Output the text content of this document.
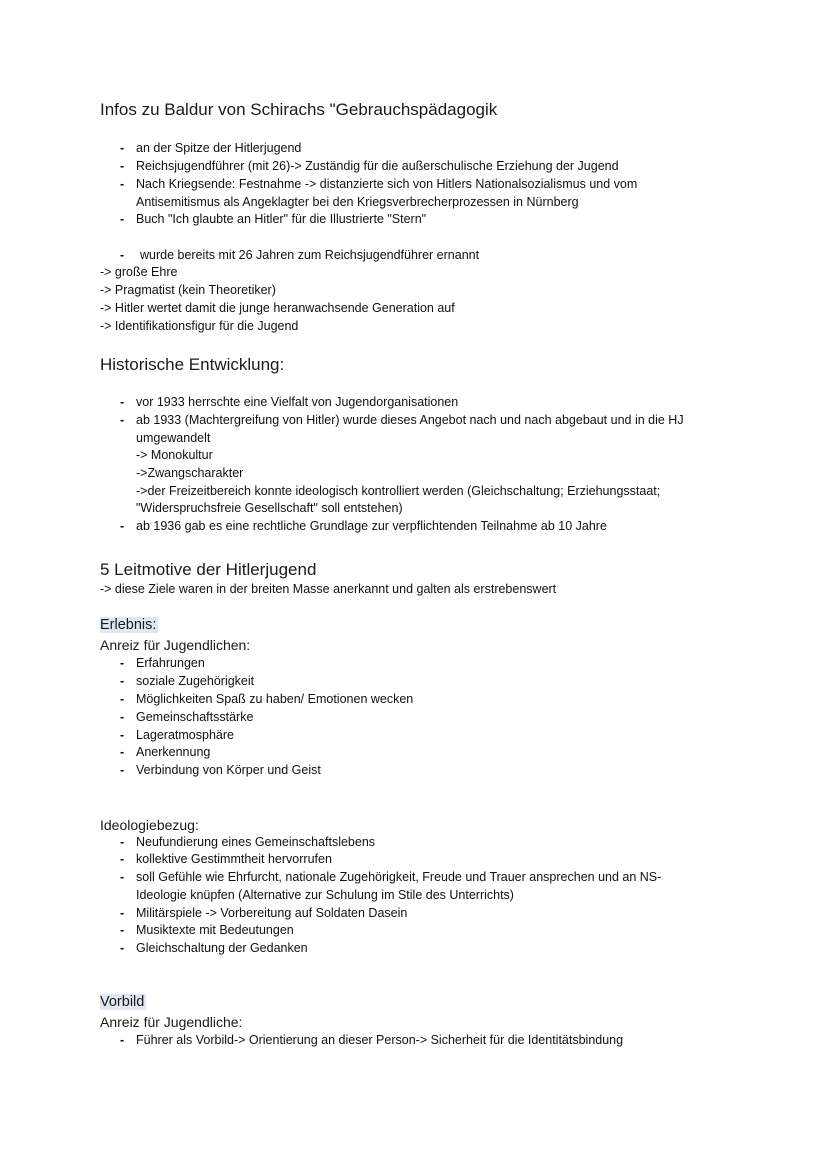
Infos zu Baldur von Schirachs "Gebrauchspädagogik
- an der Spitze der Hitlerjugend
- Reichsjugendführer (mit 26)-> Zuständig für die außerschulische Erziehung der Jugend
- Nach Kriegsende: Festnahme -> distanzierte sich von Hitlers Nationalsozialismus und vom
Antisemitismus als Angeklagter bei den Kriegsverbrecherprozessen in Nürnberg
- Buch "Ich glaubte an Hitler" für die Illustrierte "Stern"
- wurde bereits mit 26 Jahren zum Reichsjugendführer ernannt
-> große Ehre
-> Pragmatist (kein Theoretiker)
-> Hitler wertet damit die junge heranwachsende Generation auf
-> Identifikationsfigur für die Jugend
Historische Entwicklung:
- vor 1933 herrschte eine Vielfalt von Jugendorganisationen
- ab 1933 (Machtergreifung von Hitler) wurde dieses Angebot nach und nach abgebaut und in die HJ
umgewandelt
-> Monokultur
->Zwangscharakter
->der Freizeitbereich konnte ideologisch kontrolliert werden (Gleichschaltung; Erziehungsstaat;
"Widerspruchsfreie Gesellschaft" soll entstehen)
- ab 1936 gab es eine rechtliche Grundlage zur verpflichtenden Teilnahme ab 10 Jahre
5 Leitmotive der Hitlerjugend
-> diese Ziele waren in der breiten Masse anerkannt und galten als erstrebenswert
Erlebnis:
Anreiz für Jugendlichen:
- Erfahrungen
- soziale Zugehörigkeit
- Möglichkeiten Spaß zu haben/ Emotionen wecken
- Gemeinschaftsstärke
- Lageratmosphäre
- Anerkennung
- Verbindung von Körper und Geist
Ideologiebezug:
- Neufundierung eines Gemeinschaftslebens
- kollektive Gestimmtheit hervorrufen
- soll Gefühle wie Ehrfurcht, nationale Zugehörigkeit, Freude und Trauer ansprechen und an NS-
Ideologie knüpfen (Alternative zur Schulung im Stile des Unterrichts)
- Militärspiele -> Vorbereitung auf Soldaten Dasein
- Musiktexte mit Bedeutungen
- Gleichschaltung der Gedanken
Vorbild
Anreiz für Jugendliche:
- Führer als Vorbild-> Orientierung an dieser Person-> Sicherheit für die Identitätsbindung
